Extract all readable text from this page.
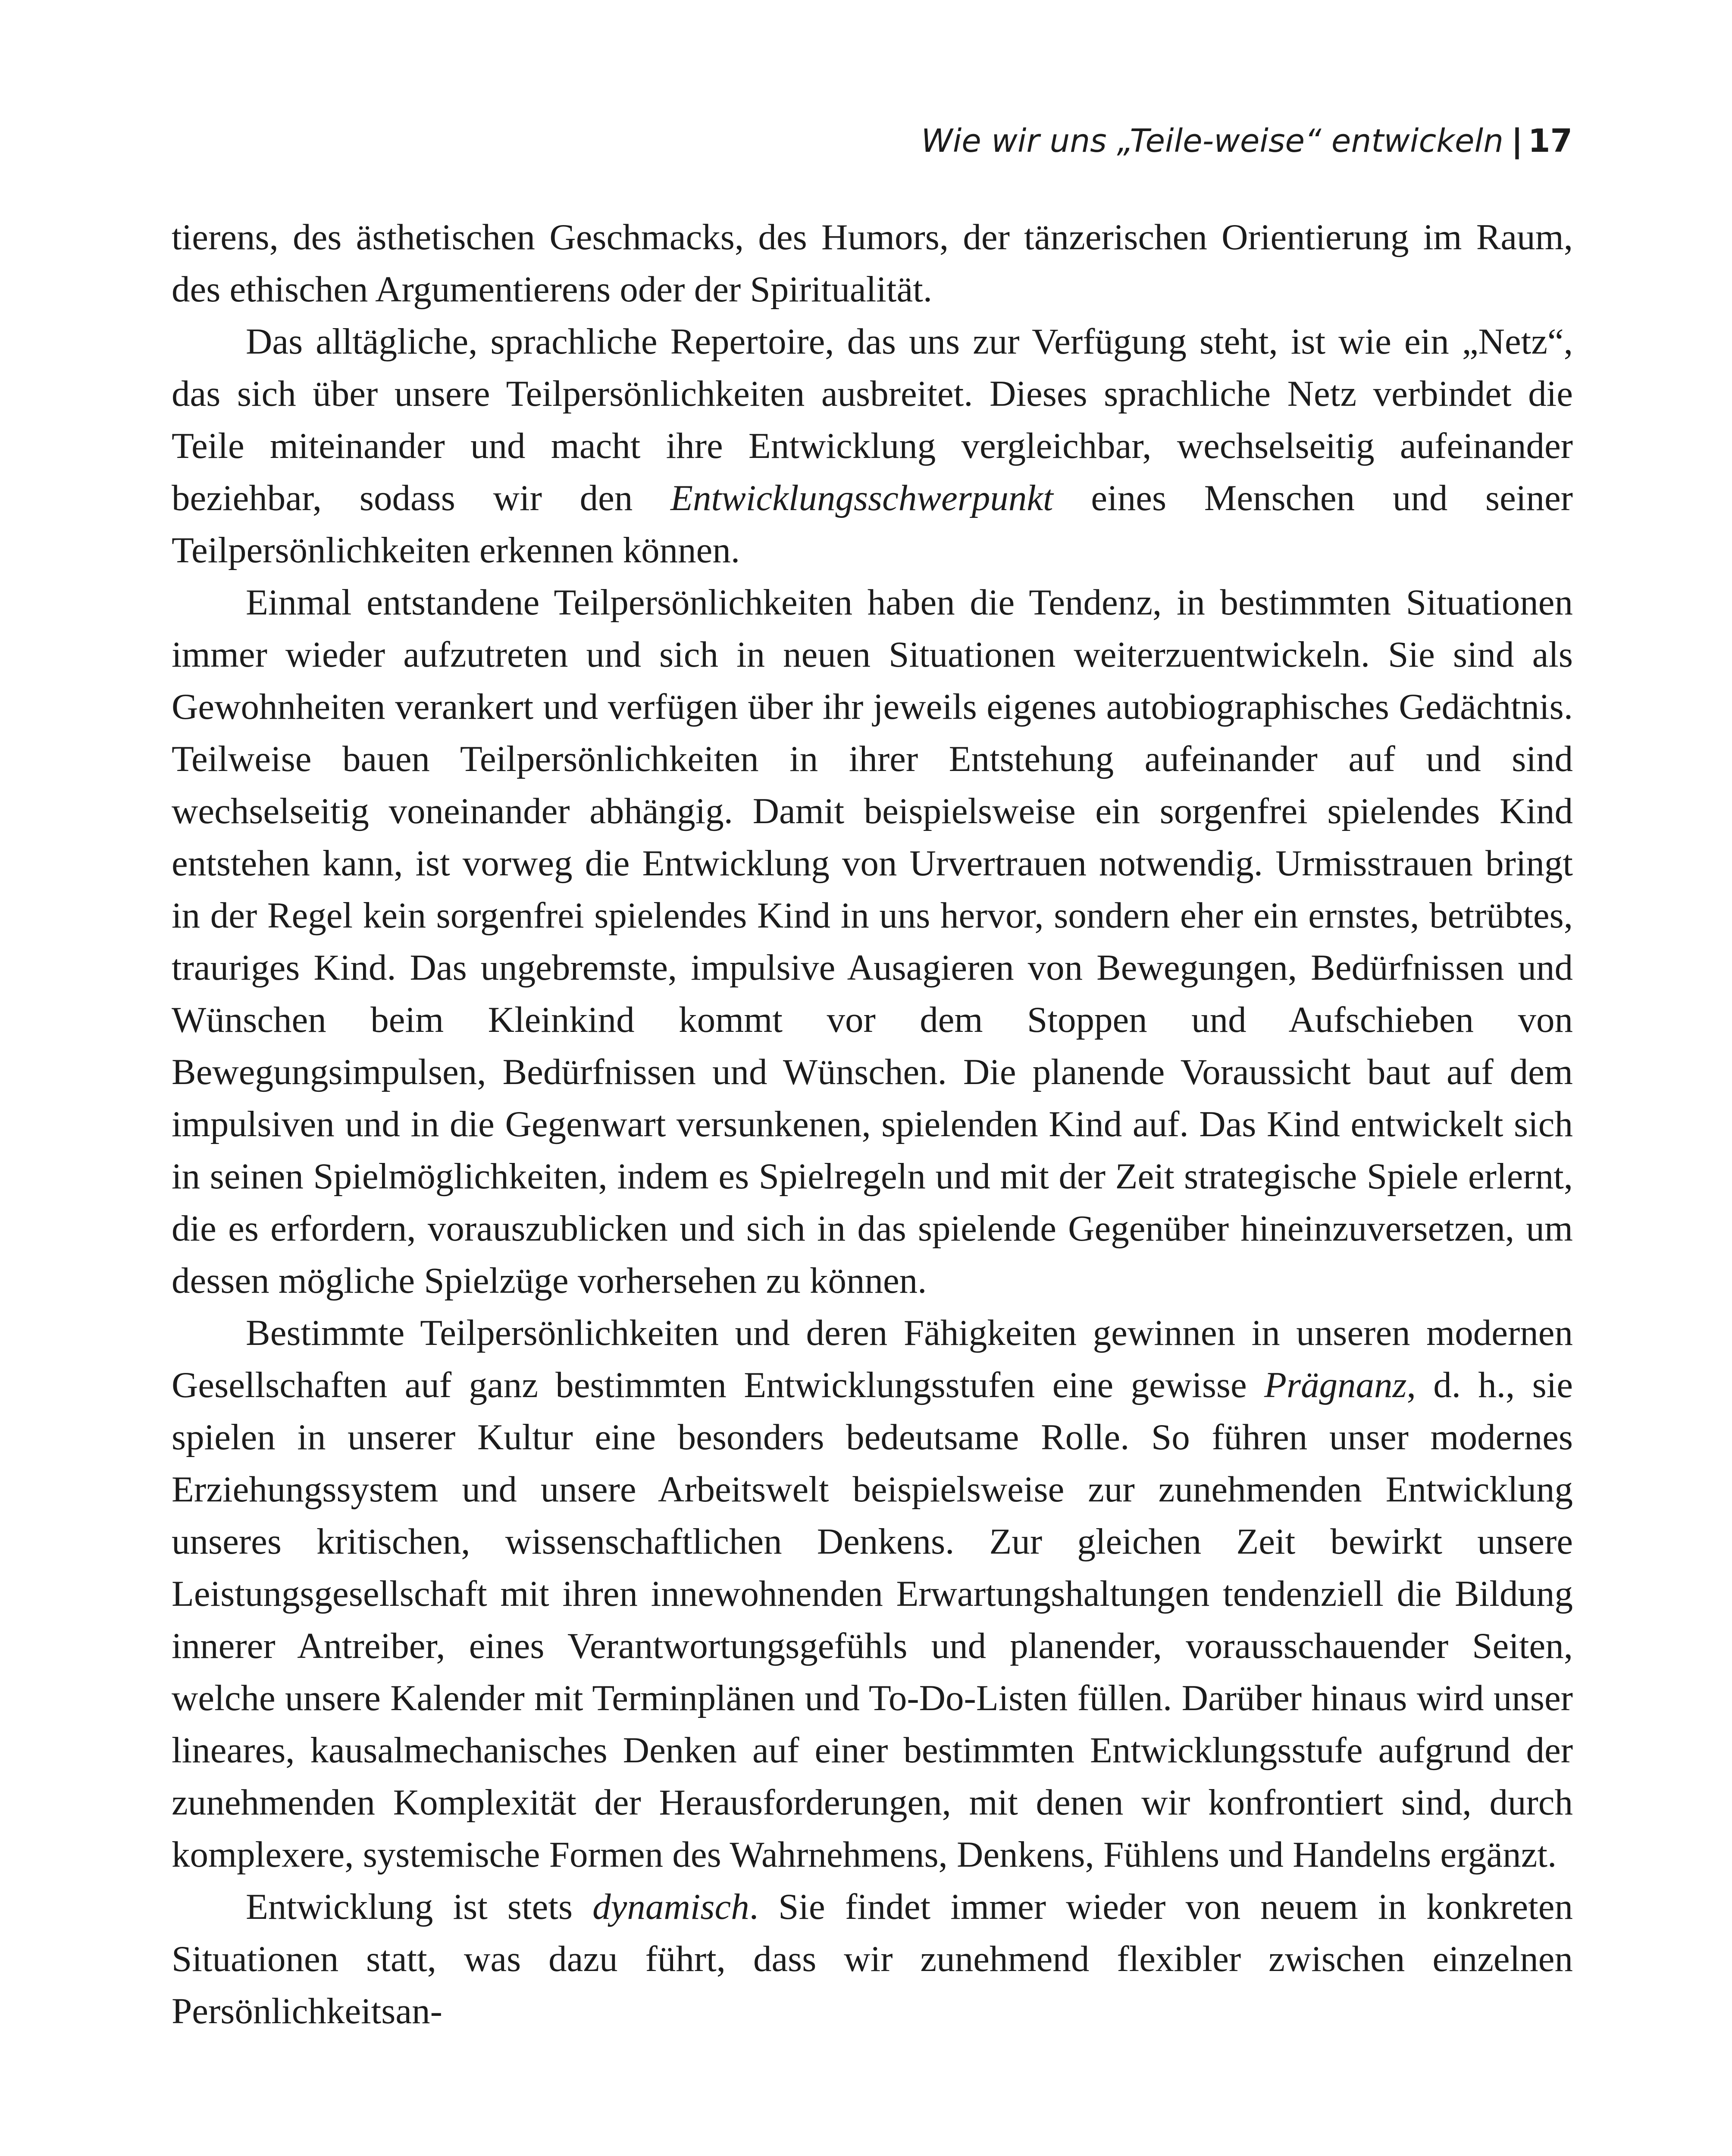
Wie wir uns „Teile-weise“ entwickeln | 17

tierens, des ästhetischen Geschmacks, des Humors, der tänzerischen Orientierung im Raum, des ethischen Argumentierens oder der Spiritualität.

Das alltägliche, sprachliche Repertoire, das uns zur Verfügung steht, ist wie ein „Netz“, das sich über unsere Teilpersönlichkeiten ausbreitet. Dieses sprachliche Netz verbindet die Teile miteinander und macht ihre Entwicklung vergleichbar, wechselseitig aufeinander beziehbar, sodass wir den Entwicklungsschwerpunkt eines Menschen und seiner Teilpersönlichkeiten erkennen können.

Einmal entstandene Teilpersönlichkeiten haben die Tendenz, in bestimmten Situationen immer wieder aufzutreten und sich in neuen Situationen weiterzuentwickeln. Sie sind als Gewohnheiten verankert und verfügen über ihr jeweils eigenes autobiographisches Gedächtnis. Teilweise bauen Teilpersönlichkeiten in ihrer Entstehung aufeinander auf und sind wechselseitig voneinander abhängig. Damit beispielsweise ein sorgenfrei spielendes Kind entstehen kann, ist vorweg die Entwicklung von Urvertrauen notwendig. Urmisstrauen bringt in der Regel kein sorgenfrei spielendes Kind in uns hervor, sondern eher ein ernstes, betrübtes, trauriges Kind. Das ungebremste, impulsive Ausagieren von Bewegungen, Bedürfnissen und Wünschen beim Kleinkind kommt vor dem Stoppen und Aufschieben von Bewegungsimpulsen, Bedürfnissen und Wünschen. Die planende Voraussicht baut auf dem impulsiven und in die Gegenwart versunkenen, spielenden Kind auf. Das Kind entwickelt sich in seinen Spielmöglichkeiten, indem es Spielregeln und mit der Zeit strategische Spiele erlernt, die es erfordern, vorauszublicken und sich in das spielende Gegenüber hineinzuversetzen, um dessen mögliche Spielzüge vorhersehen zu können.

Bestimmte Teilpersönlichkeiten und deren Fähigkeiten gewinnen in unseren modernen Gesellschaften auf ganz bestimmten Entwicklungsstufen eine gewisse Prägnanz, d. h., sie spielen in unserer Kultur eine besonders bedeutsame Rolle. So führen unser modernes Erziehungssystem und unsere Arbeitswelt beispielsweise zur zunehmenden Entwicklung unseres kritischen, wissenschaftlichen Denkens. Zur gleichen Zeit bewirkt unsere Leistungsgesellschaft mit ihren innewohnenden Erwartungshaltungen tendenziell die Bildung innerer Antreiber, eines Verantwortungsgefühls und planender, vorausschauender Seiten, welche unsere Kalender mit Terminplänen und To-Do-Listen füllen. Darüber hinaus wird unser lineares, kausalmechanisches Denken auf einer bestimmten Entwicklungsstufe aufgrund der zunehmenden Komplexität der Herausforderungen, mit denen wir konfrontiert sind, durch komplexere, systemische Formen des Wahrnehmens, Denkens, Fühlens und Handelns ergänzt.

Entwicklung ist stets dynamisch. Sie findet immer wieder von neuem in konkreten Situationen statt, was dazu führt, dass wir zunehmend flexibler zwischen einzelnen Persönlichkeitsan-
